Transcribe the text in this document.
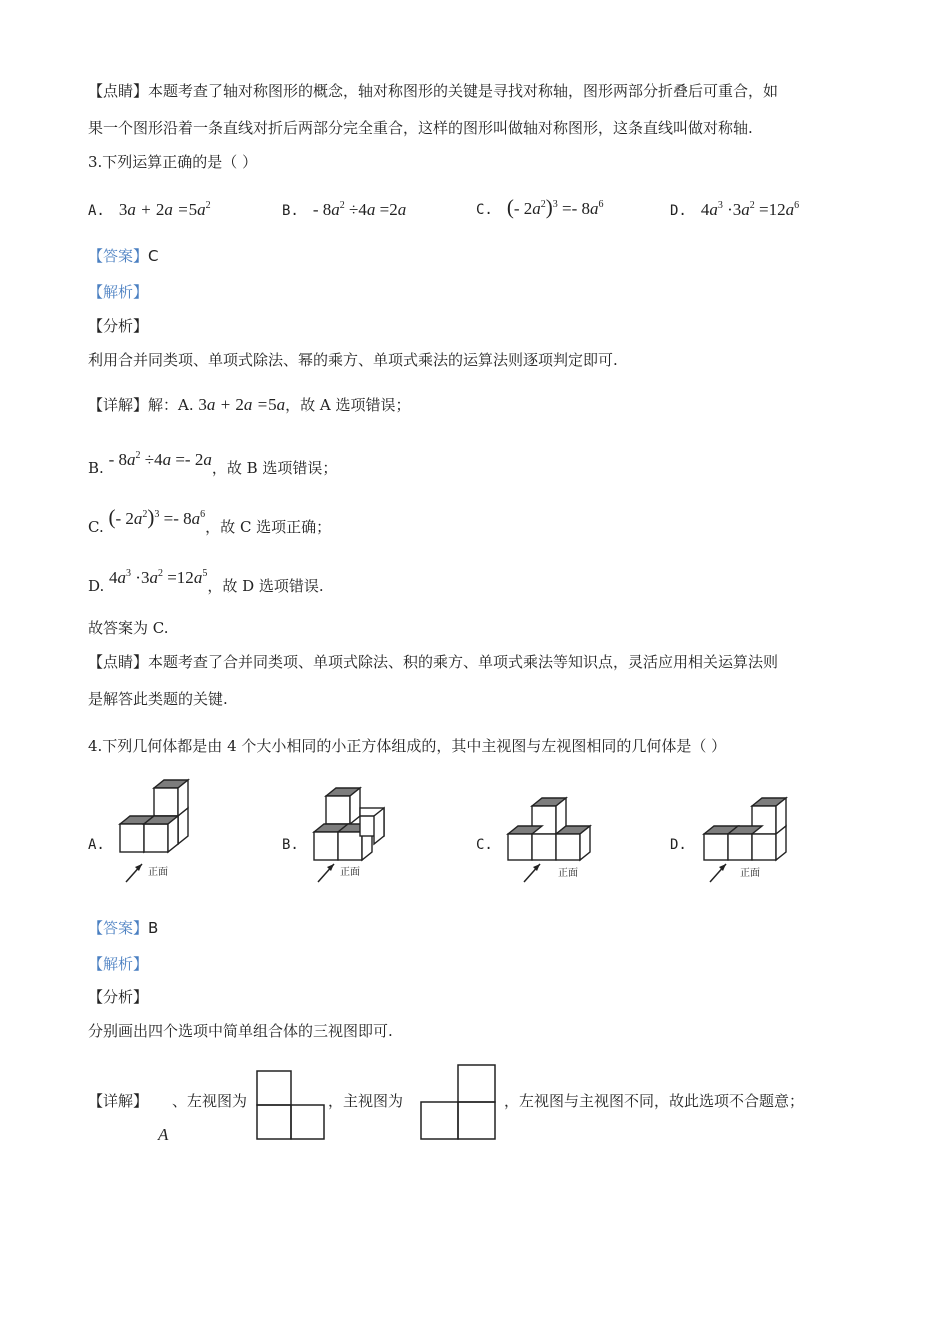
【点睛】本题考查了轴对称图形的概念，轴对称图形的关键是寻找对称轴，图形两部分折叠后可重合，如
果一个图形沿着一条直线对折后两部分完全重合，这样的图形叫做轴对称图形，这条直线叫做对称轴.
3.下列运算正确的是（ ）
A. $3a + 2a =5a^2$	B. - $8a^2 \div 4a =2a$	C. (- $2a^2)^3 =- 8a^6$	D. $4a^3 \cdot 3a^2 =12a^6$
【答案】C
【解析】
【分析】
利用合并同类项、单项式除法、幂的乘方、单项式乘法的运算法则逐项判定即可.
【详解】解：A. 3a + 2a =5a，故 A 选项错误；
B. - $8a^2 \div 4a =- 2a$，故 B 选项错误；
C. (- $2a^2)^3 =- 8a^6$，故 C 选项正确；
D. $4a^3 \cdot 3a^2 =12a^5$，故 D 选项错误.
故答案为 C.
【点睛】本题考查了合并同类项、单项式除法、积的乘方、单项式乘法等知识点，灵活应用相关运算法则
是解答此类题的关键.
4.下列几何体都是由 4 个大小相同的小正方体组成的，其中主视图与左视图相同的几何体是（ ）
A.
正面
B.
正面
C.
正面
D.
正面
【答案】B
【解析】
【分析】
分别画出四个选项中简单组合体的三视图即可.
【详解】
A
、左视图为	，主视图为	，左视图与主视图不同，故此选项不合题意；
